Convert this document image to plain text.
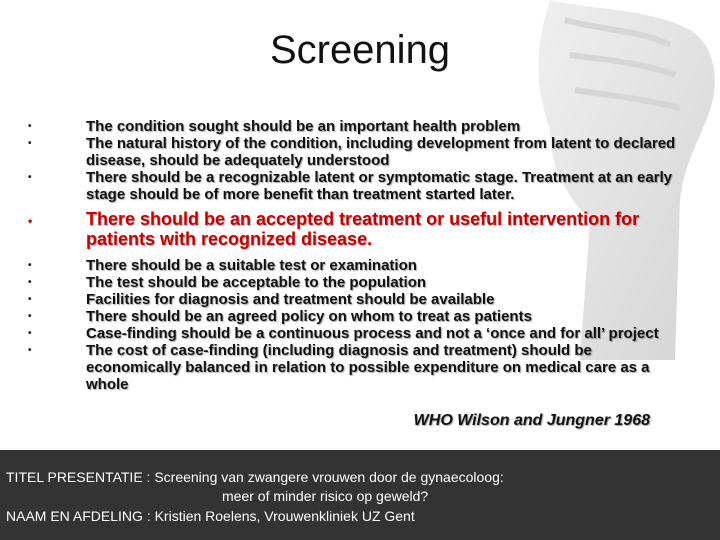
Screening
•	The condition sought should be an important health problem
•	The natural history of the condition, including development from latent to declared disease, should be adequately understood
•	There should be a recognizable latent or symptomatic stage. Treatment at an early stage should be of more benefit than treatment started later.
•	There should be an accepted treatment or useful intervention for patients with recognized disease.
•	There should be a suitable test or examination
•	The test should be acceptable to the population
•	Facilities for diagnosis and treatment should be available
•	There should be an agreed policy on whom to treat as patients
•	Case-finding should be a continuous process and not a ‘once and for all’ project
•	The cost of case-finding (including diagnosis and treatment) should be economically balanced in relation to possible expenditure on medical care as a whole
WHO Wilson and Jungner 1968
TITEL PRESENTATIE : Screening van zwangere vrouwen door de gynaecoloog:
meer of minder risico op geweld?
NAAM EN AFDELING : Kristien Roelens, Vrouwenkliniek UZ Gent
